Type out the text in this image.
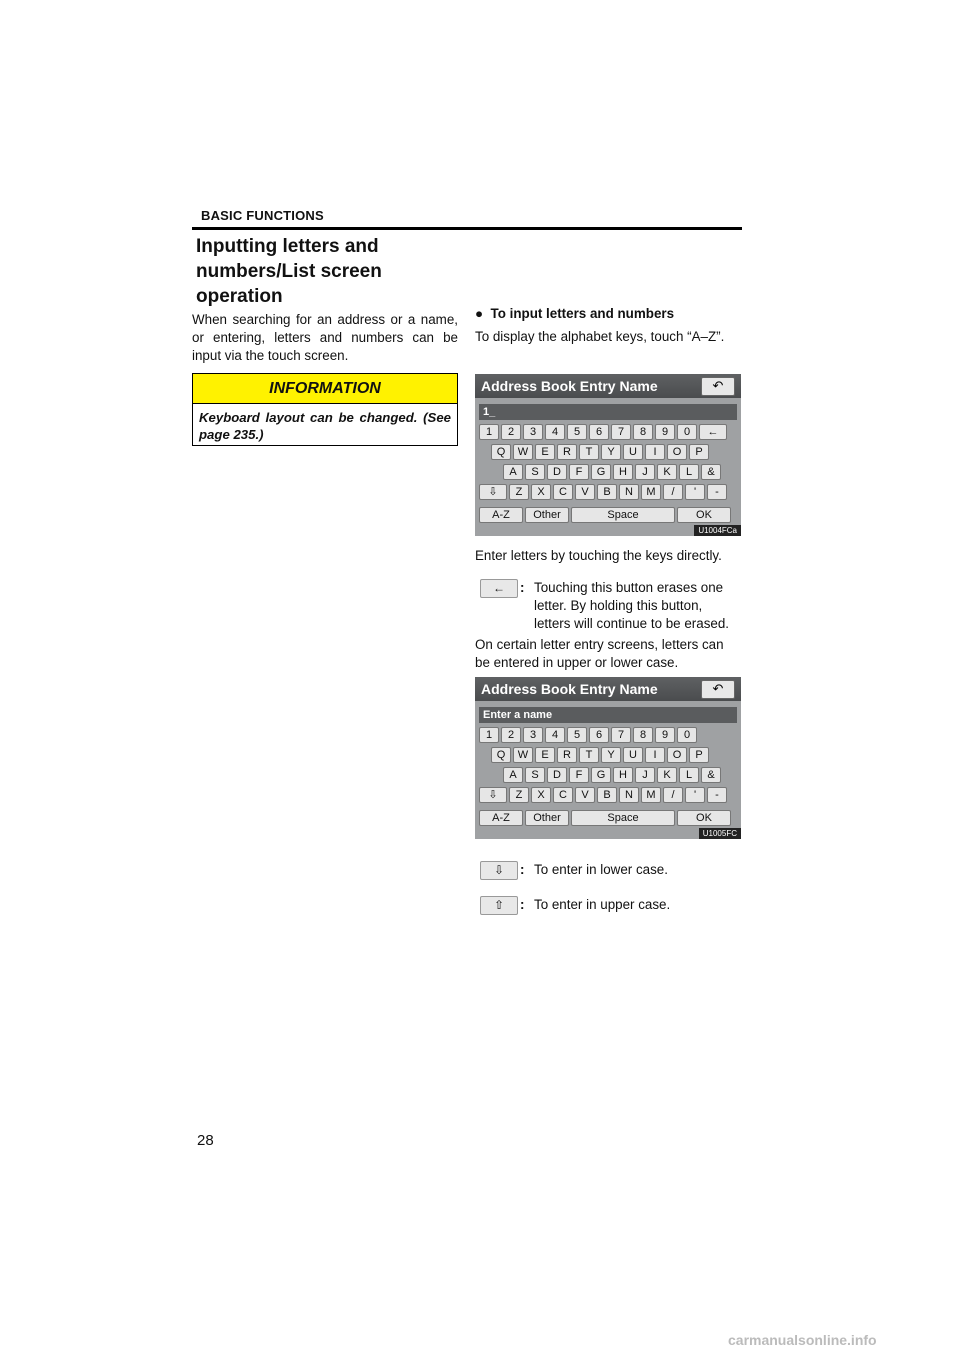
BASIC FUNCTIONS
Inputting letters and
numbers/List screen
operation
When searching for an address or a name, or entering, letters and numbers can be input via the touch screen.
INFORMATION
Keyboard layout can be changed. (See page 235.)
●  To input letters and numbers
To display the alphabet keys, touch “A–Z”.
Address Book Entry Name	↶
1_
1	2	3	4	5	6	7	8	9	0	←
Q	W	E	R	T	Y	U	I	O	P
A	S	D	F	G	H	J	K	L	&
⇩	Z	X	C	V	B	N	M	/	'	-
A-Z	Other	Space	OK
U1004FCa
Enter letters by touching the keys directly.
←	: Touching this button erases one letter. By holding this button, letters will continue to be erased.
On certain letter entry screens, letters can be entered in upper or lower case.
Address Book Entry Name	↶
Enter a name
1	2	3	4	5	6	7	8	9	0
Q	W	E	R	T	Y	U	I	O	P
A	S	D	F	G	H	J	K	L	&
⇩	Z	X	C	V	B	N	M	/	'	-
A-Z	Other	Space	OK
U1005FC
⇩	: To enter in lower case.
⇧	: To enter in upper case.
28
carmanualsonline.info
